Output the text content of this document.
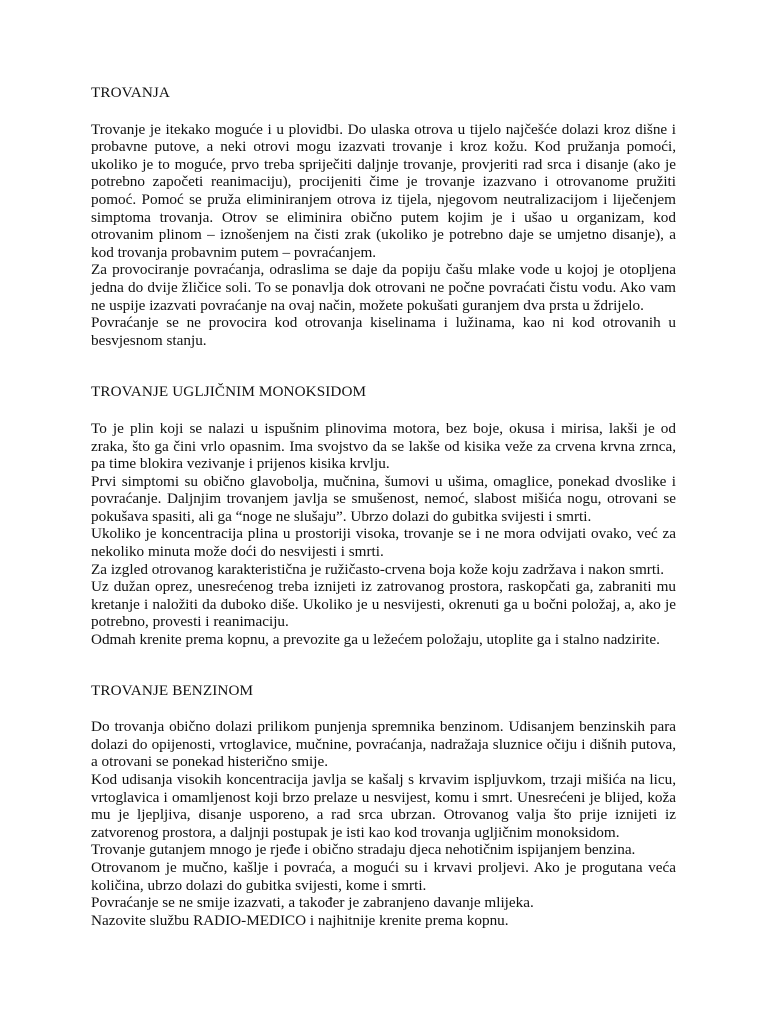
TROVANJA

Trovanje je itekako moguće i u plovidbi. Do ulaska otrova u tijelo najčešće dolazi kroz dišne i probavne putove, a neki otrovi mogu izazvati trovanje i kroz kožu. Kod pružanja pomoći, ukoliko je to moguće, prvo treba spriječiti daljnje trovanje, provjeriti rad srca i disanje (ako je potrebno započeti reanimaciju), procijeniti čime je trovanje izazvano i otrovanome pružiti pomoć. Pomoć se pruža eliminiranjem otrova iz tijela, njegovom neutralizacijom i liječenjem simptoma trovanja. Otrov se eliminira obično putem kojim je i ušao u organizam, kod otrovanim plinom – iznošenjem na čisti zrak (ukoliko je potrebno daje se umjetno disanje), a kod trovanja probavnim putem – povraćanjem.

Za provociranje povraćanja, odraslima se daje da popiju čašu mlake vode u kojoj je otopljena jedna do dvije žličice soli. To se ponavlja dok otrovani ne počne povraćati čistu vodu. Ako vam ne uspije izazvati povraćanje na ovaj način, možete pokušati guranjem dva prsta u ždrijelo.

Povraćanje se ne provocira kod otrovanja kiselinama i lužinama, kao ni kod otrovanih u besvjesnom stanju.

TROVANJE UGLJIČNIM MONOKSIDOM

To je plin koji se nalazi u ispušnim plinovima motora, bez boje, okusa i mirisa, lakši je od zraka, što ga čini vrlo opasnim. Ima svojstvo da se lakše od kisika veže za crvena krvna zrnca, pa time blokira vezivanje i prijenos kisika krvlju.

Prvi simptomi su obično glavobolja, mučnina, šumovi u ušima, omaglice, ponekad dvoslike i povraćanje. Daljnjim trovanjem javlja se smušenost, nemoć, slabost mišića nogu, otrovani se pokušava spasiti, ali ga “noge ne slušaju”. Ubrzo dolazi do gubitka svijesti i smrti.

Ukoliko je koncentracija plina u prostoriji visoka, trovanje se i ne mora odvijati ovako, već za nekoliko minuta može doći do nesvijesti i smrti.

Za izgled otrovanog karakteristična je ružičasto-crvena boja kože koju zadržava i nakon smrti.

Uz dužan oprez, unesrećenog treba iznijeti iz zatrovanog prostora, raskopčati ga, zabraniti mu kretanje i naložiti da duboko diše. Ukoliko je u nesvijesti, okrenuti ga u bočni položaj, a, ako je potrebno, provesti i reanimaciju.

Odmah krenite prema kopnu, a prevozite ga u ležećem položaju, utoplite ga i stalno nadzirite.

TROVANJE BENZINOM

Do trovanja obično dolazi prilikom punjenja spremnika benzinom. Udisanjem benzinskih para dolazi do opijenosti, vrtoglavice, mučnine, povraćanja, nadražaja sluznice očiju i dišnih putova, a otrovani se ponekad histerično smije.

Kod udisanja visokih koncentracija javlja se kašalj s krvavim ispljuvkom, trzaji mišića na licu, vrtoglavica i omamljenost koji brzo prelaze u nesvijest, komu i smrt. Unesrećeni je blijed, koža mu je ljepljiva, disanje usporeno, a rad srca ubrzan. Otrovanog valja što prije iznijeti iz zatvorenog prostora, a daljnji postupak je isti kao kod trovanja ugljičnim monoksidom.

Trovanje gutanjem mnogo je rjeđe i obično stradaju djeca nehotičnim ispijanjem benzina.

Otrovanom je mučno, kašlje i povraća, a mogući su i krvavi proljevi. Ako je progutana veća količina, ubrzo dolazi do gubitka svijesti, kome i smrti.

Povraćanje se ne smije izazvati, a također je zabranjeno davanje mlijeka.

Nazovite službu RADIO-MEDICO i najhitnije krenite prema kopnu.
